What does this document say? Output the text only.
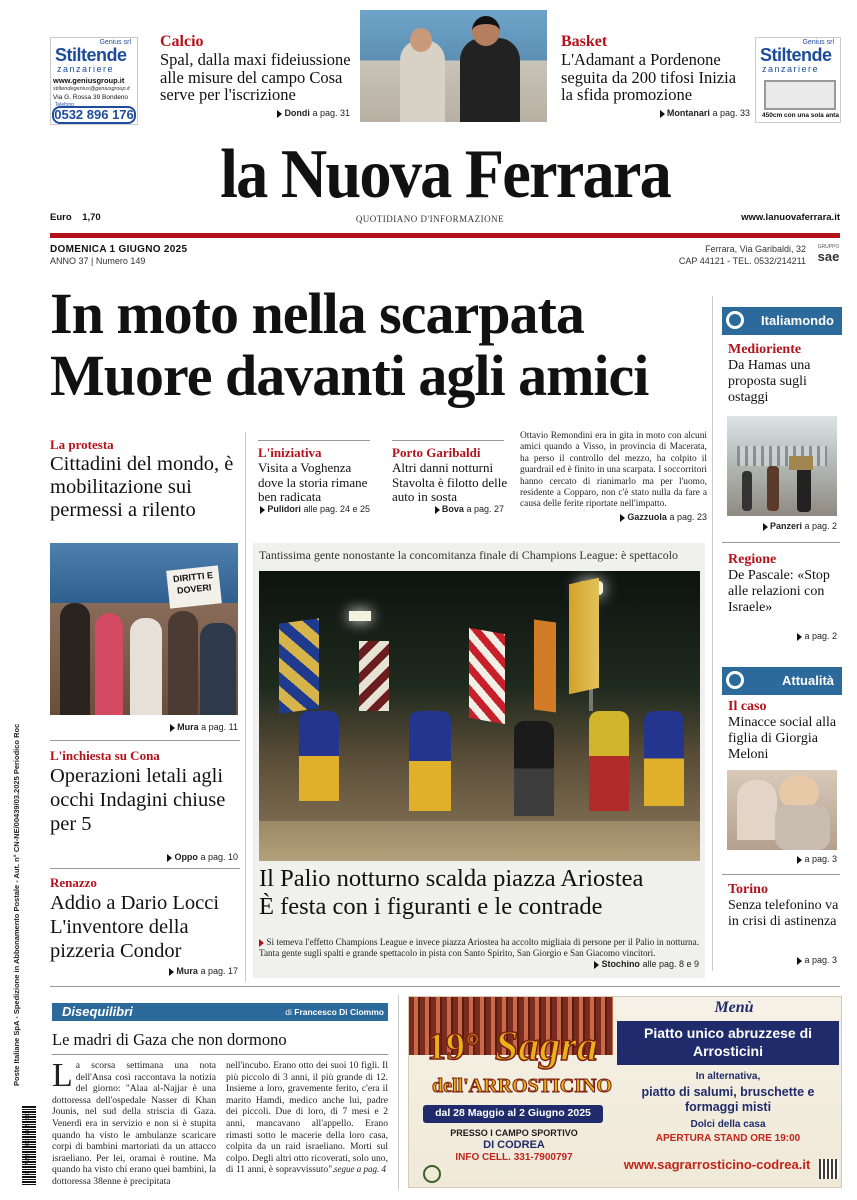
Genius srl
Stiltende
zanzariere
www.geniusgroup.it
stiltendegenius@geniusgroup.it
Via G. Rossa 39 Bondeno
Telefono
0532 896 176
Calcio
Spal, dalla maxi fideiussione alle misure del campo Cosa serve per l'iscrizione
Dondi a pag. 31
Basket
L'Adamant a Pordenone seguita da 200 tifosi Inizia la sfida promozione
Montanari a pag. 33
Genius srl
Stiltende
zanzariere
450cm con una sola anta
la Nuova Ferrara
Euro 1,70	QUOTIDIANO D'INFORMAZIONE	www.lanuovaferrara.it
DOMENICA 1 GIUGNO 2025
ANNO 37 | Numero 149
Ferrara, Via Garibaldi, 32
CAP 44121 - TEL. 0532/214211
GRUPPO
sae
In moto nella scarpata
Muore davanti agli amici
Italiamondo
Medioriente
Da Hamas una proposta sugli ostaggi
Panzeri a pag. 2
Regione
De Pascale: «Stop alle relazioni con Israele»
a pag. 2
Attualità
Il caso
Minacce social alla figlia di Giorgia Meloni
a pag. 3
Torino
Senza telefonino va in crisi di astinenza
a pag. 3
La protesta
Cittadini del mondo, è mobilitazione sui permessi a rilento
DIRITTI E DOVERI
Mura a pag. 11
L'inchiesta su Cona
Operazioni letali agli occhi Indagini chiuse per 5
Oppo a pag. 10
Renazzo
Addio a Dario Locci L'inventore della pizzeria Condor
Mura a pag. 17
L'iniziativa
Visita a Voghenza dove la storia rimane ben radicata
Pulidori alle pag. 24 e 25
Porto Garibaldi
Altri danni notturni Stavolta è filotto delle auto in sosta
Bova a pag. 27
Ottavio Remondini era in gita in moto con alcuni amici quando a Visso, in provincia di Macerata, ha perso il controllo del mezzo, ha colpito il guardrail ed è finito in una scarpata. I soccorritori hanno cercato di rianimarlo ma per l'uomo, residente a Copparo, non c'è stato nulla da fare a causa delle ferite riportate nell'impatto.
Gazzuola a pag. 23
Tantissima gente nonostante la concomitanza finale di Champions League: è spettacolo
Il Palio notturno scalda piazza Ariostea
È festa con i figuranti e le contrade
Si temeva l'effetto Champions League e invece piazza Ariostea ha accolto migliaia di persone per il Palio in notturna. Tanta gente sugli spalti e grande spettacolo in pista con Santo Spirito, San Giorgio e San Giacomo vincitori.
Stochino alle pag. 8 e 9
Poste Italiane SpA - Spedizione in Abbonamento Postale - Aut. n° CN-NE/00439/03.2025 Periodico Roc
9 771590 991059 50601
Disequilibri	di Francesco Di Ciommo
Le madri di Gaza che non dormono
L a scorsa settimana una nota dell'Ansa così raccontava la notizia del giorno: "Alaa al-Najjar è una dottoressa dell'ospedale Nasser di Khan Jounis, nel sud della striscia di Gaza. Venerdì era in servizio e non si è stupita quando ha visto le ambulanze scaricare corpi di bambini martoriati da un attacco israeliano. Per lei, oramai è routine. Ma quando ha visto chi erano quei bambini, la dottoressa 38enne è precipitata
nell'incubo. Erano otto dei suoi 10 figli. Il più piccolo di 3 anni, il più grande di 12. Insieme a loro, gravemente ferito, c'era il marito Hamdi, medico anche lui, padre dei piccoli. Due di loro, di 7 mesi e 2 anni, mancavano all'appello. Erano rimasti sotto le macerie della loro casa, colpita da un raid israeliano. Morti sul colpo. Degli altri otto ricoverati, solo uno, di 11 anni, è sopravvissuto". segue a pag. 4
19° Sagra
dell'ARROSTICINO
dal 28 Maggio al 2 Giugno 2025
PRESSO I CAMPO SPORTIVO
DI CODREA
INFO CELL. 331-7900797
Menù
Piatto unico abruzzese di Arrosticini
In alternativa,
piatto di salumi, bruschette e formaggi misti
Dolci della casa
APERTURA STAND ORE 19:00
www.sagrarrosticino-codrea.it
